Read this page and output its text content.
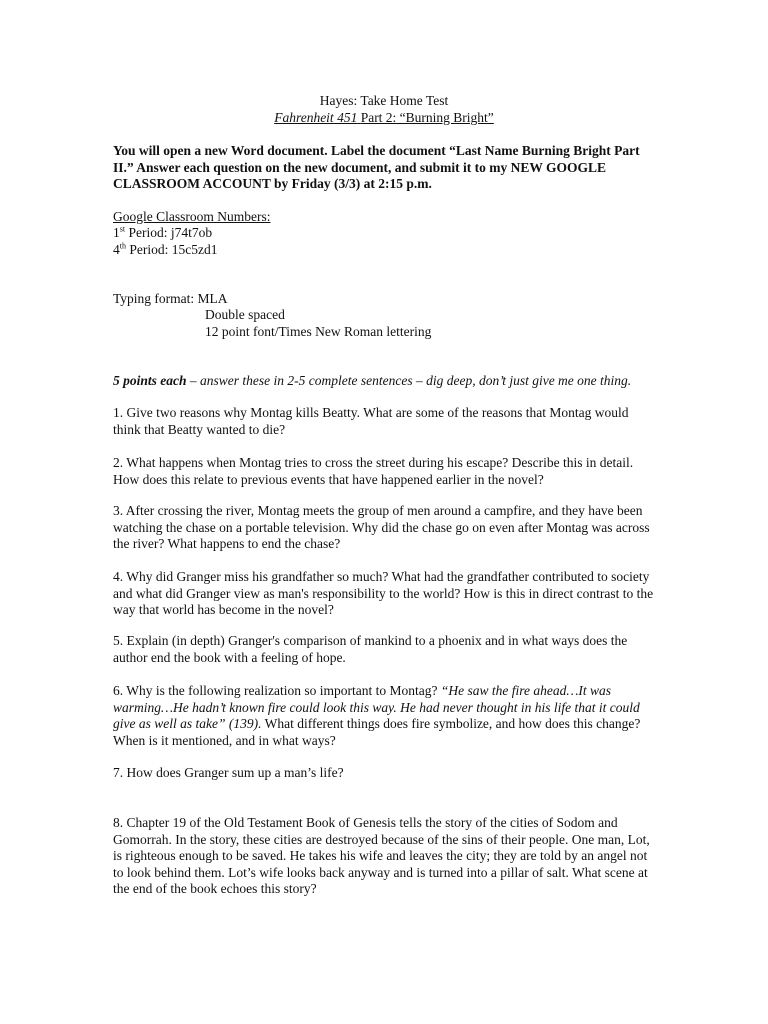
Hayes: Take Home Test

Fahrenheit 451 Part 2: “Burning Bright”

You will open a new Word document. Label the document “Last Name Burning Bright Part II.” Answer each question on the new document, and submit it to my NEW GOOGLE CLASSROOM ACCOUNT by Friday (3/3) at 2:15 p.m.

Google Classroom Numbers:

1st Period: j74t7ob

4th Period: 15c5zd1

Typing format: MLA

Double spaced

12 point font/Times New Roman lettering

5 points each – answer these in 2-5 complete sentences – dig deep, don’t just give me one thing.

1. Give two reasons why Montag kills Beatty. What are some of the reasons that Montag would think that Beatty wanted to die?

2. What happens when Montag tries to cross the street during his escape? Describe this in detail. How does this relate to previous events that have happened earlier in the novel?

3. After crossing the river, Montag meets the group of men around a campfire, and they have been watching the chase on a portable television. Why did the chase go on even after Montag was across the river? What happens to end the chase?

4. Why did Granger miss his grandfather so much? What had the grandfather contributed to society and what did Granger view as man's responsibility to the world? How is this in direct contrast to the way that world has become in the novel?

5. Explain (in depth) Granger's comparison of mankind to a phoenix and in what ways does the author end the book with a feeling of hope.

6. Why is the following realization so important to Montag? “He saw the fire ahead…It was warming…He hadn’t known fire could look this way. He had never thought in his life that it could give as well as take” (139). What different things does fire symbolize, and how does this change? When is it mentioned, and in what ways?

7. How does Granger sum up a man’s life?

8. Chapter 19 of the Old Testament Book of Genesis tells the story of the cities of Sodom and Gomorrah. In the story, these cities are destroyed because of the sins of their people. One man, Lot, is righteous enough to be saved. He takes his wife and leaves the city; they are told by an angel not to look behind them. Lot’s wife looks back anyway and is turned into a pillar of salt. What scene at the end of the book echoes this story?
